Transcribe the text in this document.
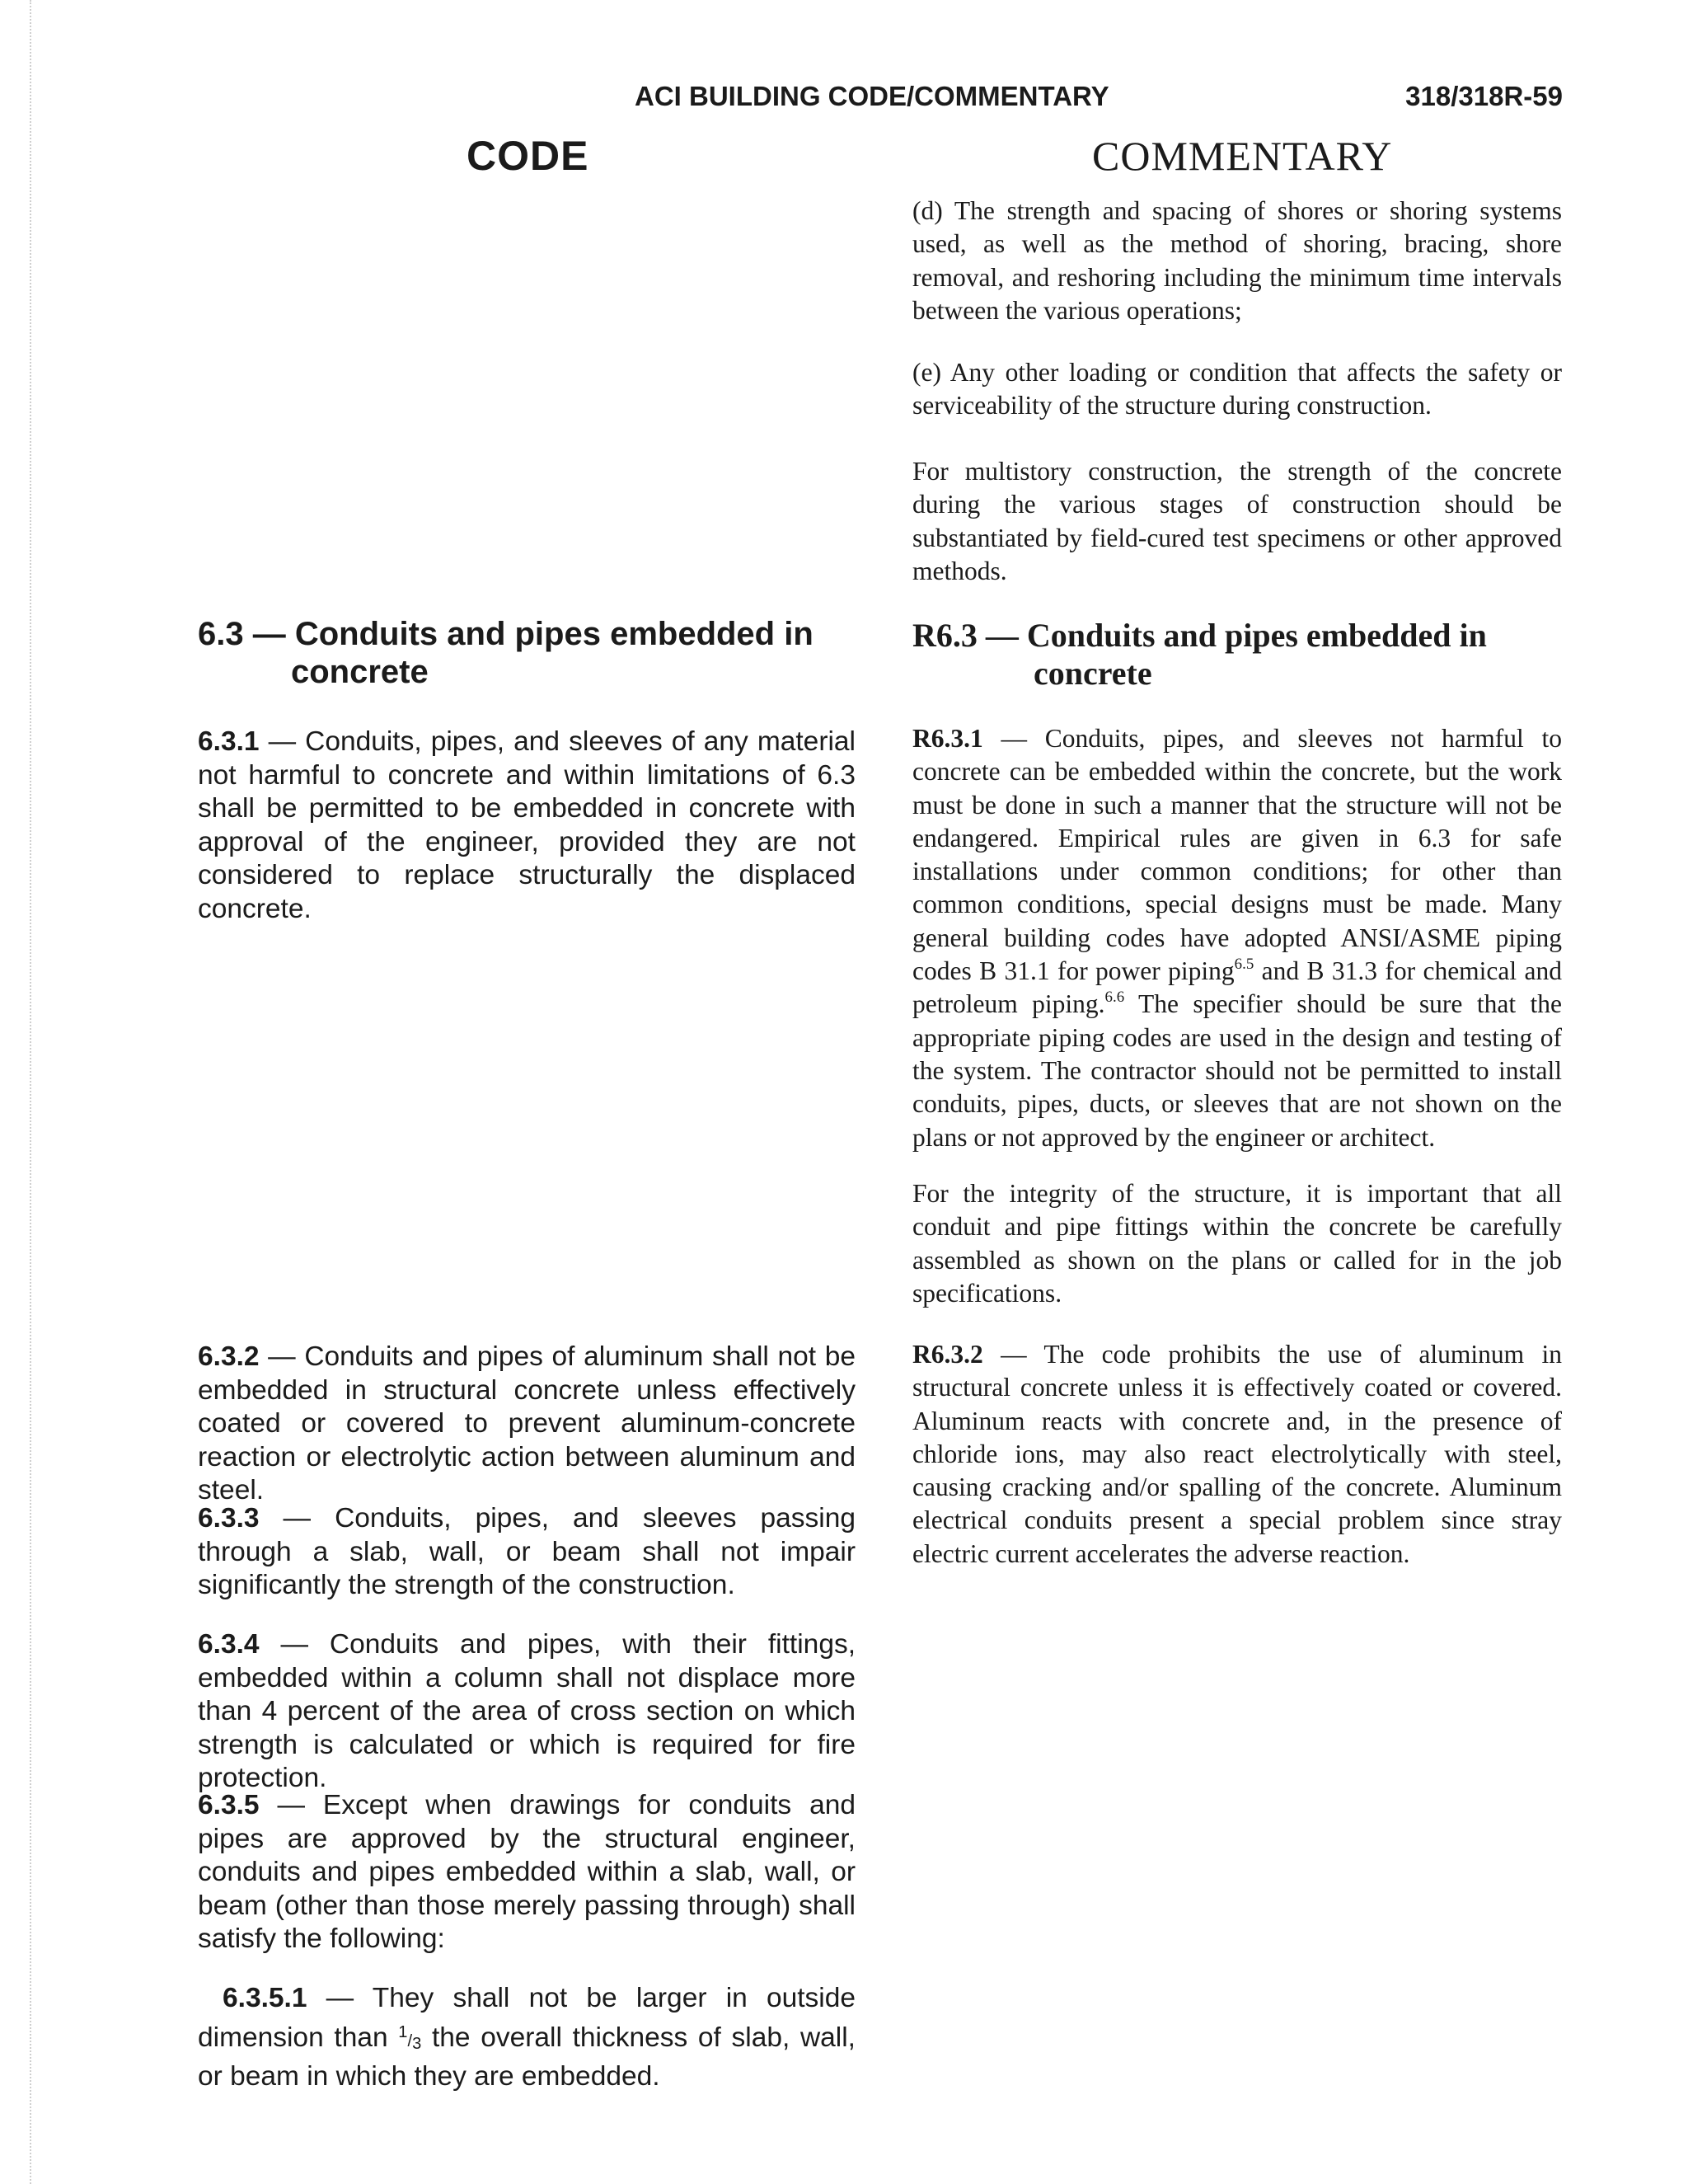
ACI BUILDING CODE/COMMENTARY	318/318R-59
CODE	COMMENTARY

(d) The strength and spacing of shores or shoring systems used, as well as the method of shoring, bracing, shore removal, and reshoring including the minimum time intervals between the various operations;

(e) Any other loading or condition that affects the safety or serviceability of the structure during construction.

For multistory construction, the strength of the concrete during the various stages of construction should be substantiated by field-cured test specimens or other approved methods.

6.3 — Conduits and pipes embedded in
concrete
R6.3 — Conduits and pipes embedded in
concrete

6.3.1 — Conduits, pipes, and sleeves of any material not harmful to concrete and within limitations of 6.3 shall be permitted to be embedded in concrete with approval of the engineer, provided they are not considered to replace structurally the displaced concrete.

R6.3.1 — Conduits, pipes, and sleeves not harmful to concrete can be embedded within the concrete, but the work must be done in such a manner that the structure will not be endangered. Empirical rules are given in 6.3 for safe installations under common conditions; for other than common conditions, special designs must be made. Many general building codes have adopted ANSI/ASME piping codes B 31.1 for power piping$^{6.5}$ and B 31.3 for chemical and petroleum piping.$^{6.6}$ The specifier should be sure that the appropriate piping codes are used in the design and testing of the system. The contractor should not be permitted to install conduits, pipes, ducts, or sleeves that are not shown on the plans or not approved by the engineer or architect.

For the integrity of the structure, it is important that all conduit and pipe fittings within the concrete be carefully assembled as shown on the plans or called for in the job specifications.

6.3.2 — Conduits and pipes of aluminum shall not be embedded in structural concrete unless effectively coated or covered to prevent aluminum-concrete reaction or electrolytic action between aluminum and steel.

R6.3.2 — The code prohibits the use of aluminum in structural concrete unless it is effectively coated or covered. Aluminum reacts with concrete and, in the presence of chloride ions, may also react electrolytically with steel, causing cracking and/or spalling of the concrete. Aluminum electrical conduits present a special problem since stray electric current accelerates the adverse reaction.

6.3.3 — Conduits, pipes, and sleeves passing through a slab, wall, or beam shall not impair significantly the strength of the construction.

6.3.4 — Conduits and pipes, with their fittings, embedded within a column shall not displace more than 4 percent of the area of cross section on which strength is calculated or which is required for fire protection.

6.3.5 — Except when drawings for conduits and pipes are approved by the structural engineer, conduits and pipes embedded within a slab, wall, or beam (other than those merely passing through) shall satisfy the following:

6.3.5.1 — They shall not be larger in outside dimension than 1/3 the overall thickness of slab, wall, or beam in which they are embedded.
